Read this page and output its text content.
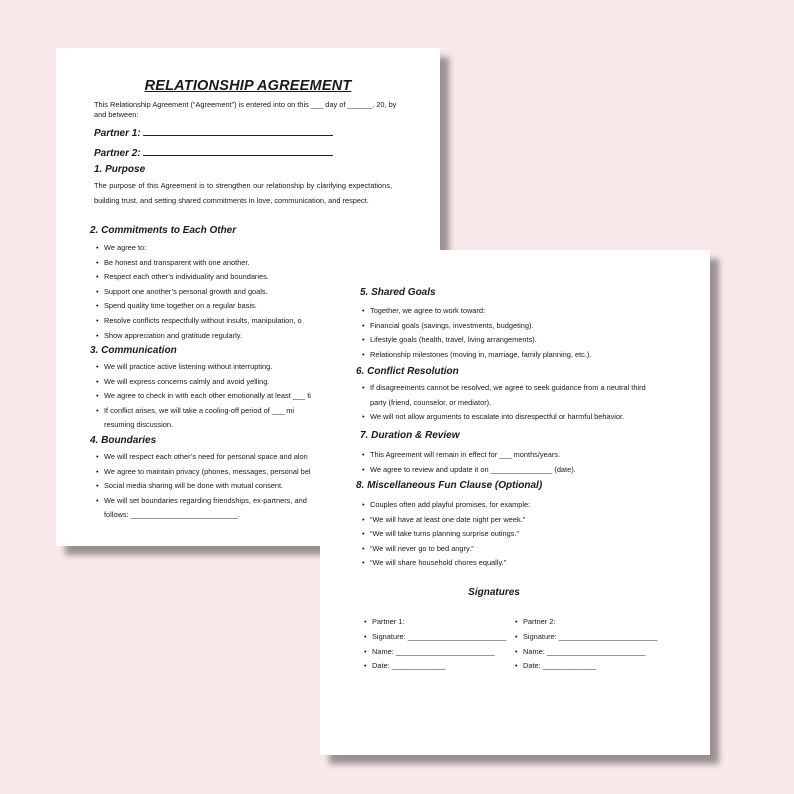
RELATIONSHIP AGREEMENT
This Relationship Agreement (“Agreement”) is entered into on this ___ day of ______, 20, by and between:
Partner 1:
Partner 2:
1. Purpose
The purpose of this Agreement is to strengthen our relationship by clarifying expectations, building trust, and setting shared commitments in love, communication, and respect.
2. Commitments to Each Other
• We agree to:
• Be honest and transparent with one another.
• Respect each other’s individuality and boundaries.
• Support one another’s personal growth and goals.
• Spend quality time together on a regular basis.
• Resolve conflicts respectfully without insults, manipulation, o
• Show appreciation and gratitude regularly.
3. Communication
• We will practice active listening without interrupting.
• We will express concerns calmly and avoid yelling.
• We agree to check in with each other emotionally at least ___ ti
• If conflict arises, we will take a cooling-off period of ___ mi
resuming discussion.
4. Boundaries
• We will respect each other’s need for personal space and alon
• We agree to maintain privacy (phones, messages, personal bel
• Social media sharing will be done with mutual consent.
• We will set boundaries regarding friendships, ex-partners, and
follows: __________________________.
5. Shared Goals
• Together, we agree to work toward:
• Financial goals (savings, investments, budgeting).
• Lifestyle goals (health, travel, living arrangements).
• Relationship milestones (moving in, marriage, family planning, etc.).
6. Conflict Resolution
• If disagreements cannot be resolved, we agree to seek guidance from a neutral third
party (friend, counselor, or mediator).
• We will not allow arguments to escalate into disrespectful or harmful behavior.
7. Duration & Review
• This Agreement will remain in effect for ___ months/years.
• We agree to review and update it on _______________ (date).
8. Miscellaneous Fun Clause (Optional)
• Couples often add playful promises, for example:
• “We will have at least one date night per week.”
• “We will take turns planning surprise outings.”
• “We will never go to bed angry.”
• “We will share household chores equally.”
Signatures
• Partner 1:
• Signature: ________________________
• Name: ________________________
• Date: _____________
• Partner 2:
• Signature: ________________________
• Name: ________________________
• Date: _____________
